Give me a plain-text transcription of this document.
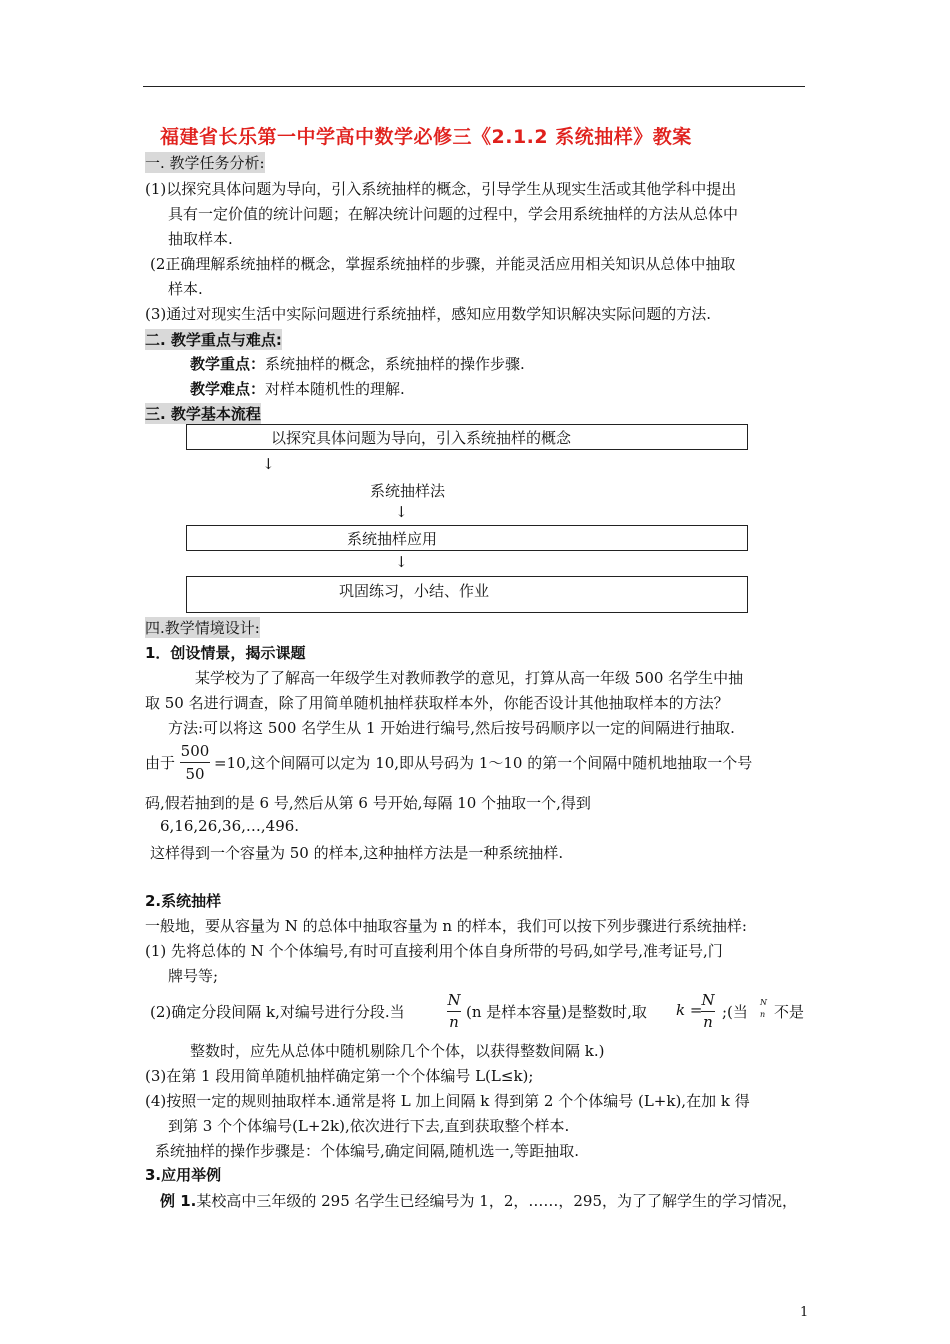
福建省长乐第一中学高中数学必修三《2.1.2 系统抽样》教案
一. 教学任务分析:
(1)以探究具体问题为导向，引入系统抽样的概念，引导学生从现实生活或其他学科中提出
具有一定价值的统计问题；在解决统计问题的过程中，学会用系统抽样的方法从总体中
抽取样本.
(2正确理解系统抽样的概念，掌握系统抽样的步骤，并能灵活应用相关知识从总体中抽取
样本.
(3)通过对现实生活中实际问题进行系统抽样，感知应用数学知识解决实际问题的方法.
二. 教学重点与难点:
教学重点：系统抽样的概念，系统抽样的操作步骤.
教学难点：对样本随机性的理解.
三. 教学基本流程
以探究具体问题为导向，引入系统抽样的概念
↓
系统抽样法
↓
系统抽样应用
↓
巩固练习，小结、作业
四.教学情境设计:
1．创设情景，揭示课题
某学校为了了解高一年级学生对教师教学的意见，打算从高一年级 500 名学生中抽
取 50 名进行调查，除了用简单随机抽样获取样本外，你能否设计其他抽取样本的方法？
方法:可以将这 500 名学生从 1 开始进行编号,然后按号码顺序以一定的间隔进行抽取.
由于
500
50
=10,这个间隔可以定为 10,即从号码为 1～10 的第一个间隔中随机地抽取一个号
码,假若抽到的是 6 号,然后从第 6 号开始,每隔 10 个抽取一个,得到
6,16,26,36,…,496.
这样得到一个容量为 50 的样本,这种抽样方法是一种系统抽样.
2.系统抽样
一般地，要从容量为 N 的总体中抽取容量为 n 的样本，我们可以按下列步骤进行系统抽样:
(1) 先将总体的 N 个个体编号,有时可直接利用个体自身所带的号码,如学号,准考证号,门
牌号等;
(2)确定分段间隔 k,对编号进行分段.当
N
n
(n 是样本容量)是整数时,取 k =
N
n
;(当
N
n 不是
整数时，应先从总体中随机剔除几个个体，以获得整数间隔 k.)
(3)在第 1 段用简单随机抽样确定第一个个体编号 L(L≤k);
(4)按照一定的规则抽取样本.通常是将 L 加上间隔 k 得到第 2 个个体编号 (L+k),在加 k 得
到第 3 个个体编号(L+2k),依次进行下去,直到获取整个样本.
系统抽样的操作步骤是：个体编号,确定间隔,随机选一,等距抽取.
3.应用举例
例 1.某校高中三年级的 295 名学生已经编号为 1，2，……，295，为了了解学生的学习情况，
1
